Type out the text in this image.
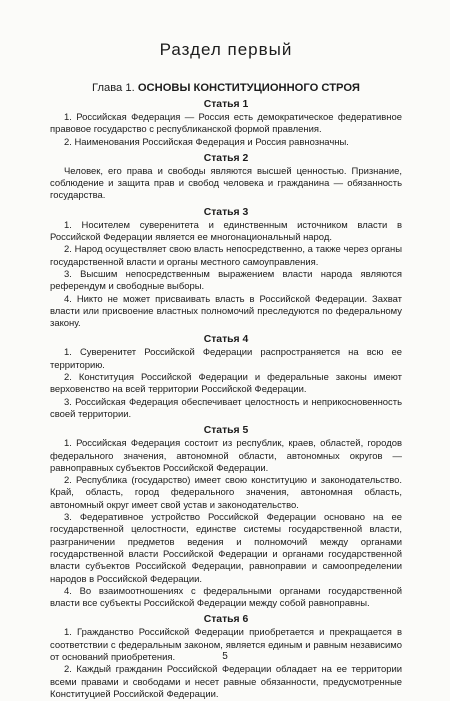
Раздел первый
Глава 1. ОСНОВЫ КОНСТИТУЦИОННОГО СТРОЯ
Статья 1

1. Российская Федерация — Россия есть демократическое федеративное правовое государство с республиканской формой правления.

2. Наименования Российская Федерация и Россия равнозначны.

Статья 2

Человек, его права и свободы являются высшей ценностью. Признание, соблюдение и защита прав и свобод человека и гражданина — обязанность государства.

Статья 3

1. Носителем суверенитета и единственным источником власти в Российской Федерации является ее многонациональный народ.

2. Народ осуществляет свою власть непосредственно, а также через органы государственной власти и органы местного самоуправления.

3. Высшим непосредственным выражением власти народа являются референдум и свободные выборы.

4. Никто не может присваивать власть в Российской Федерации. Захват власти или присвоение властных полномочий преследуются по федеральному закону.

Статья 4

1. Суверенитет Российской Федерации распространяется на всю ее территорию.

2. Конституция Российской Федерации и федеральные законы имеют верховенство на всей территории Российской Федерации.

3. Российская Федерация обеспечивает целостность и неприкосновенность своей территории.

Статья 5

1. Российская Федерация состоит из республик, краев, областей, городов федерального значения, автономной области, автономных округов — равноправных субъектов Российской Федерации.

2. Республика (государство) имеет свою конституцию и законодательство. Край, область, город федерального значения, автономная область, автономный округ имеет свой устав и законодательство.

3. Федеративное устройство Российской Федерации основано на ее государственной целостности, единстве системы государственной власти, разграничении предметов ведения и полномочий между органами государственной власти Российской Федерации и органами государственной власти субъектов Российской Федерации, равноправии и самоопределении народов в Российской Федерации.

4. Во взаимоотношениях с федеральными органами государственной власти все субъекты Российской Федерации между собой равноправны.

Статья 6

1. Гражданство Российской Федерации приобретается и прекращается в соответствии с федеральным законом, является единым и равным независимо от оснований приобретения.

2. Каждый гражданин Российской Федерации обладает на ее территории всеми правами и свободами и несет равные обязанности, предусмотренные Конституцией Российской Федерации.

5
